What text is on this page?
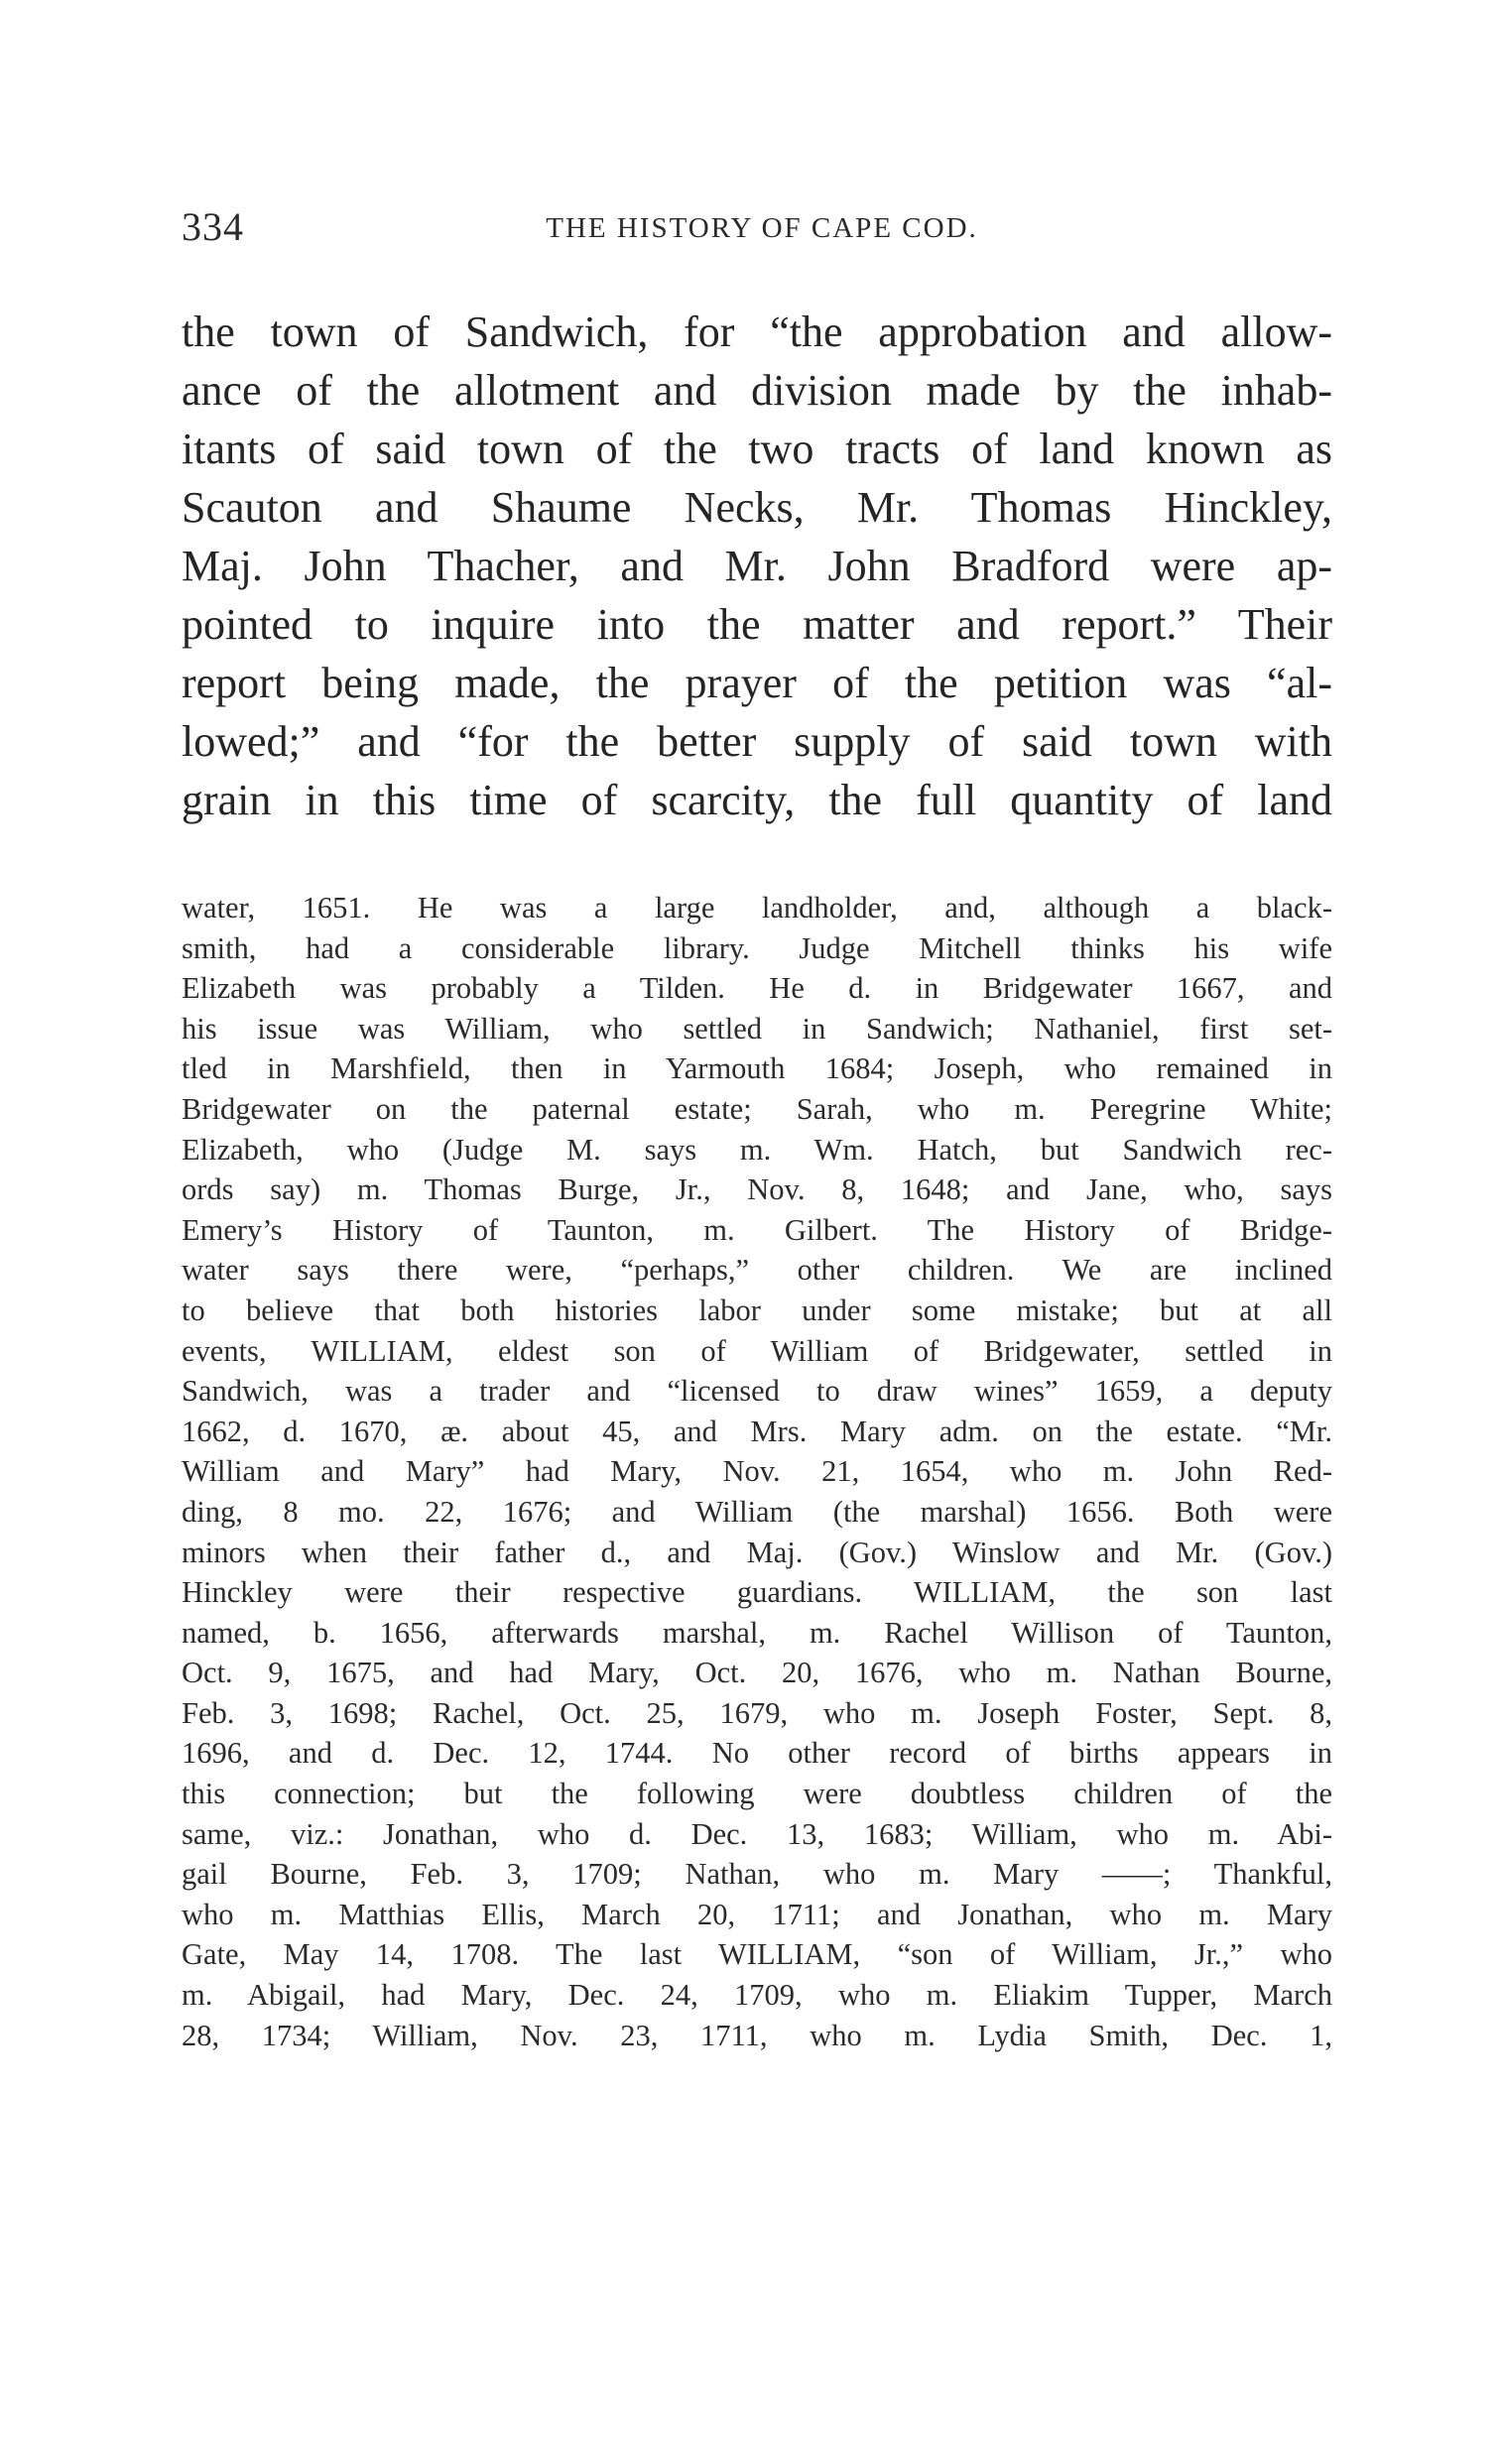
334	THE HISTORY OF CAPE COD.
the town of Sandwich, for “the approbation and allow-
ance of the allotment and division made by the inhab-
itants of said town of the two tracts of land known as
Scauton and Shaume Necks, Mr. Thomas Hinckley,
Maj. John Thacher, and Mr. John Bradford were ap-
pointed to inquire into the matter and report.” Their
report being made, the prayer of the petition was “al-
lowed;” and “for the better supply of said town with
grain in this time of scarcity, the full quantity of land
water, 1651. He was a large landholder, and, although a black-
smith, had a considerable library. Judge Mitchell thinks his wife
Elizabeth was probably a Tilden. He d. in Bridgewater 1667, and
his issue was William, who settled in Sandwich; Nathaniel, first set-
tled in Marshfield, then in Yarmouth 1684; Joseph, who remained in
Bridgewater on the paternal estate; Sarah, who m. Peregrine White;
Elizabeth, who (Judge M. says m. Wm. Hatch, but Sandwich rec-
ords say) m. Thomas Burge, Jr., Nov. 8, 1648; and Jane, who, says
Emery’s History of Taunton, m. Gilbert. The History of Bridge-
water says there were, “perhaps,” other children. We are inclined
to believe that both histories labor under some mistake; but at all
events, WILLIAM, eldest son of William of Bridgewater, settled in
Sandwich, was a trader and “licensed to draw wines” 1659, a deputy
1662, d. 1670, æ. about 45, and Mrs. Mary adm. on the estate. “Mr.
William and Mary” had Mary, Nov. 21, 1654, who m. John Red-
ding, 8 mo. 22, 1676; and William (the marshal) 1656. Both were
minors when their father d., and Maj. (Gov.) Winslow and Mr. (Gov.)
Hinckley were their respective guardians. WILLIAM, the son last
named, b. 1656, afterwards marshal, m. Rachel Willison of Taunton,
Oct. 9, 1675, and had Mary, Oct. 20, 1676, who m. Nathan Bourne,
Feb. 3, 1698; Rachel, Oct. 25, 1679, who m. Joseph Foster, Sept. 8,
1696, and d. Dec. 12, 1744. No other record of births appears in
this connection; but the following were doubtless children of the
same, viz.: Jonathan, who d. Dec. 13, 1683; William, who m. Abi-
gail Bourne, Feb. 3, 1709; Nathan, who m. Mary ——; Thankful,
who m. Matthias Ellis, March 20, 1711; and Jonathan, who m. Mary
Gate, May 14, 1708. The last WILLIAM, “son of William, Jr.,” who
m. Abigail, had Mary, Dec. 24, 1709, who m. Eliakim Tupper, March
28, 1734; William, Nov. 23, 1711, who m. Lydia Smith, Dec. 1,
